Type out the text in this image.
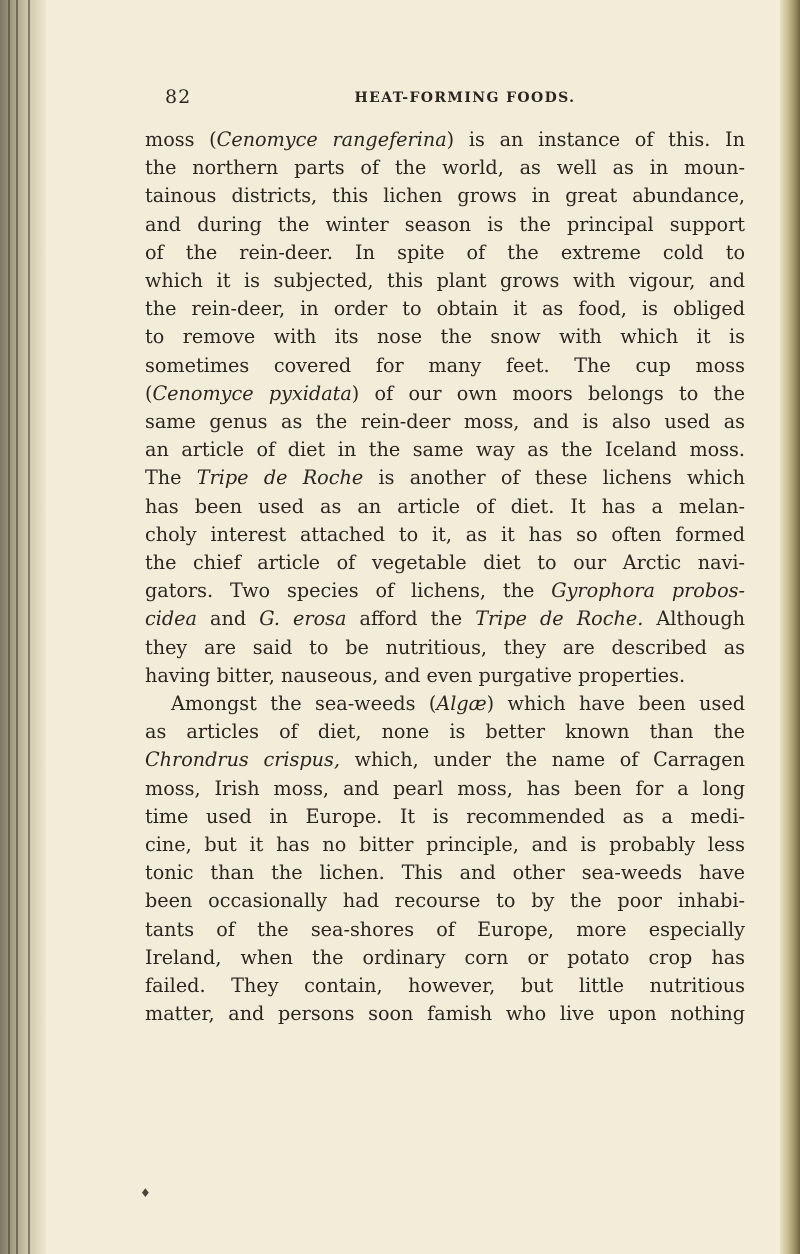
82	HEAT-FORMING FOODS.
moss (Cenomyce rangeferina) is an instance of this. In
the northern parts of the world, as well as in moun-
tainous districts, this lichen grows in great abundance,
and during the winter season is the principal support
of the rein-deer. In spite of the extreme cold to
which it is subjected, this plant grows with vigour, and
the rein-deer, in order to obtain it as food, is obliged
to remove with its nose the snow with which it is
sometimes covered for many feet. The cup moss
(Cenomyce pyxidata) of our own moors belongs to the
same genus as the rein-deer moss, and is also used as
an article of diet in the same way as the Iceland moss.
The Tripe de Roche is another of these lichens which
has been used as an article of diet. It has a melan-
choly interest attached to it, as it has so often formed
the chief article of vegetable diet to our Arctic navi-
gators. Two species of lichens, the Gyrophora probos-
cidea and G. erosa afford the Tripe de Roche. Although
they are said to be nutritious, they are described as
having bitter, nauseous, and even purgative properties.
Amongst the sea-weeds (Algæ) which have been used
as articles of diet, none is better known than the
Chrondrus crispus, which, under the name of Carragen
moss, Irish moss, and pearl moss, has been for a long
time used in Europe. It is recommended as a medi-
cine, but it has no bitter principle, and is probably less
tonic than the lichen. This and other sea-weeds have
been occasionally had recourse to by the poor inhabi-
tants of the sea-shores of Europe, more especially
Ireland, when the ordinary corn or potato crop has
failed. They contain, however, but little nutritious
matter, and persons soon famish who live upon nothing
♦
